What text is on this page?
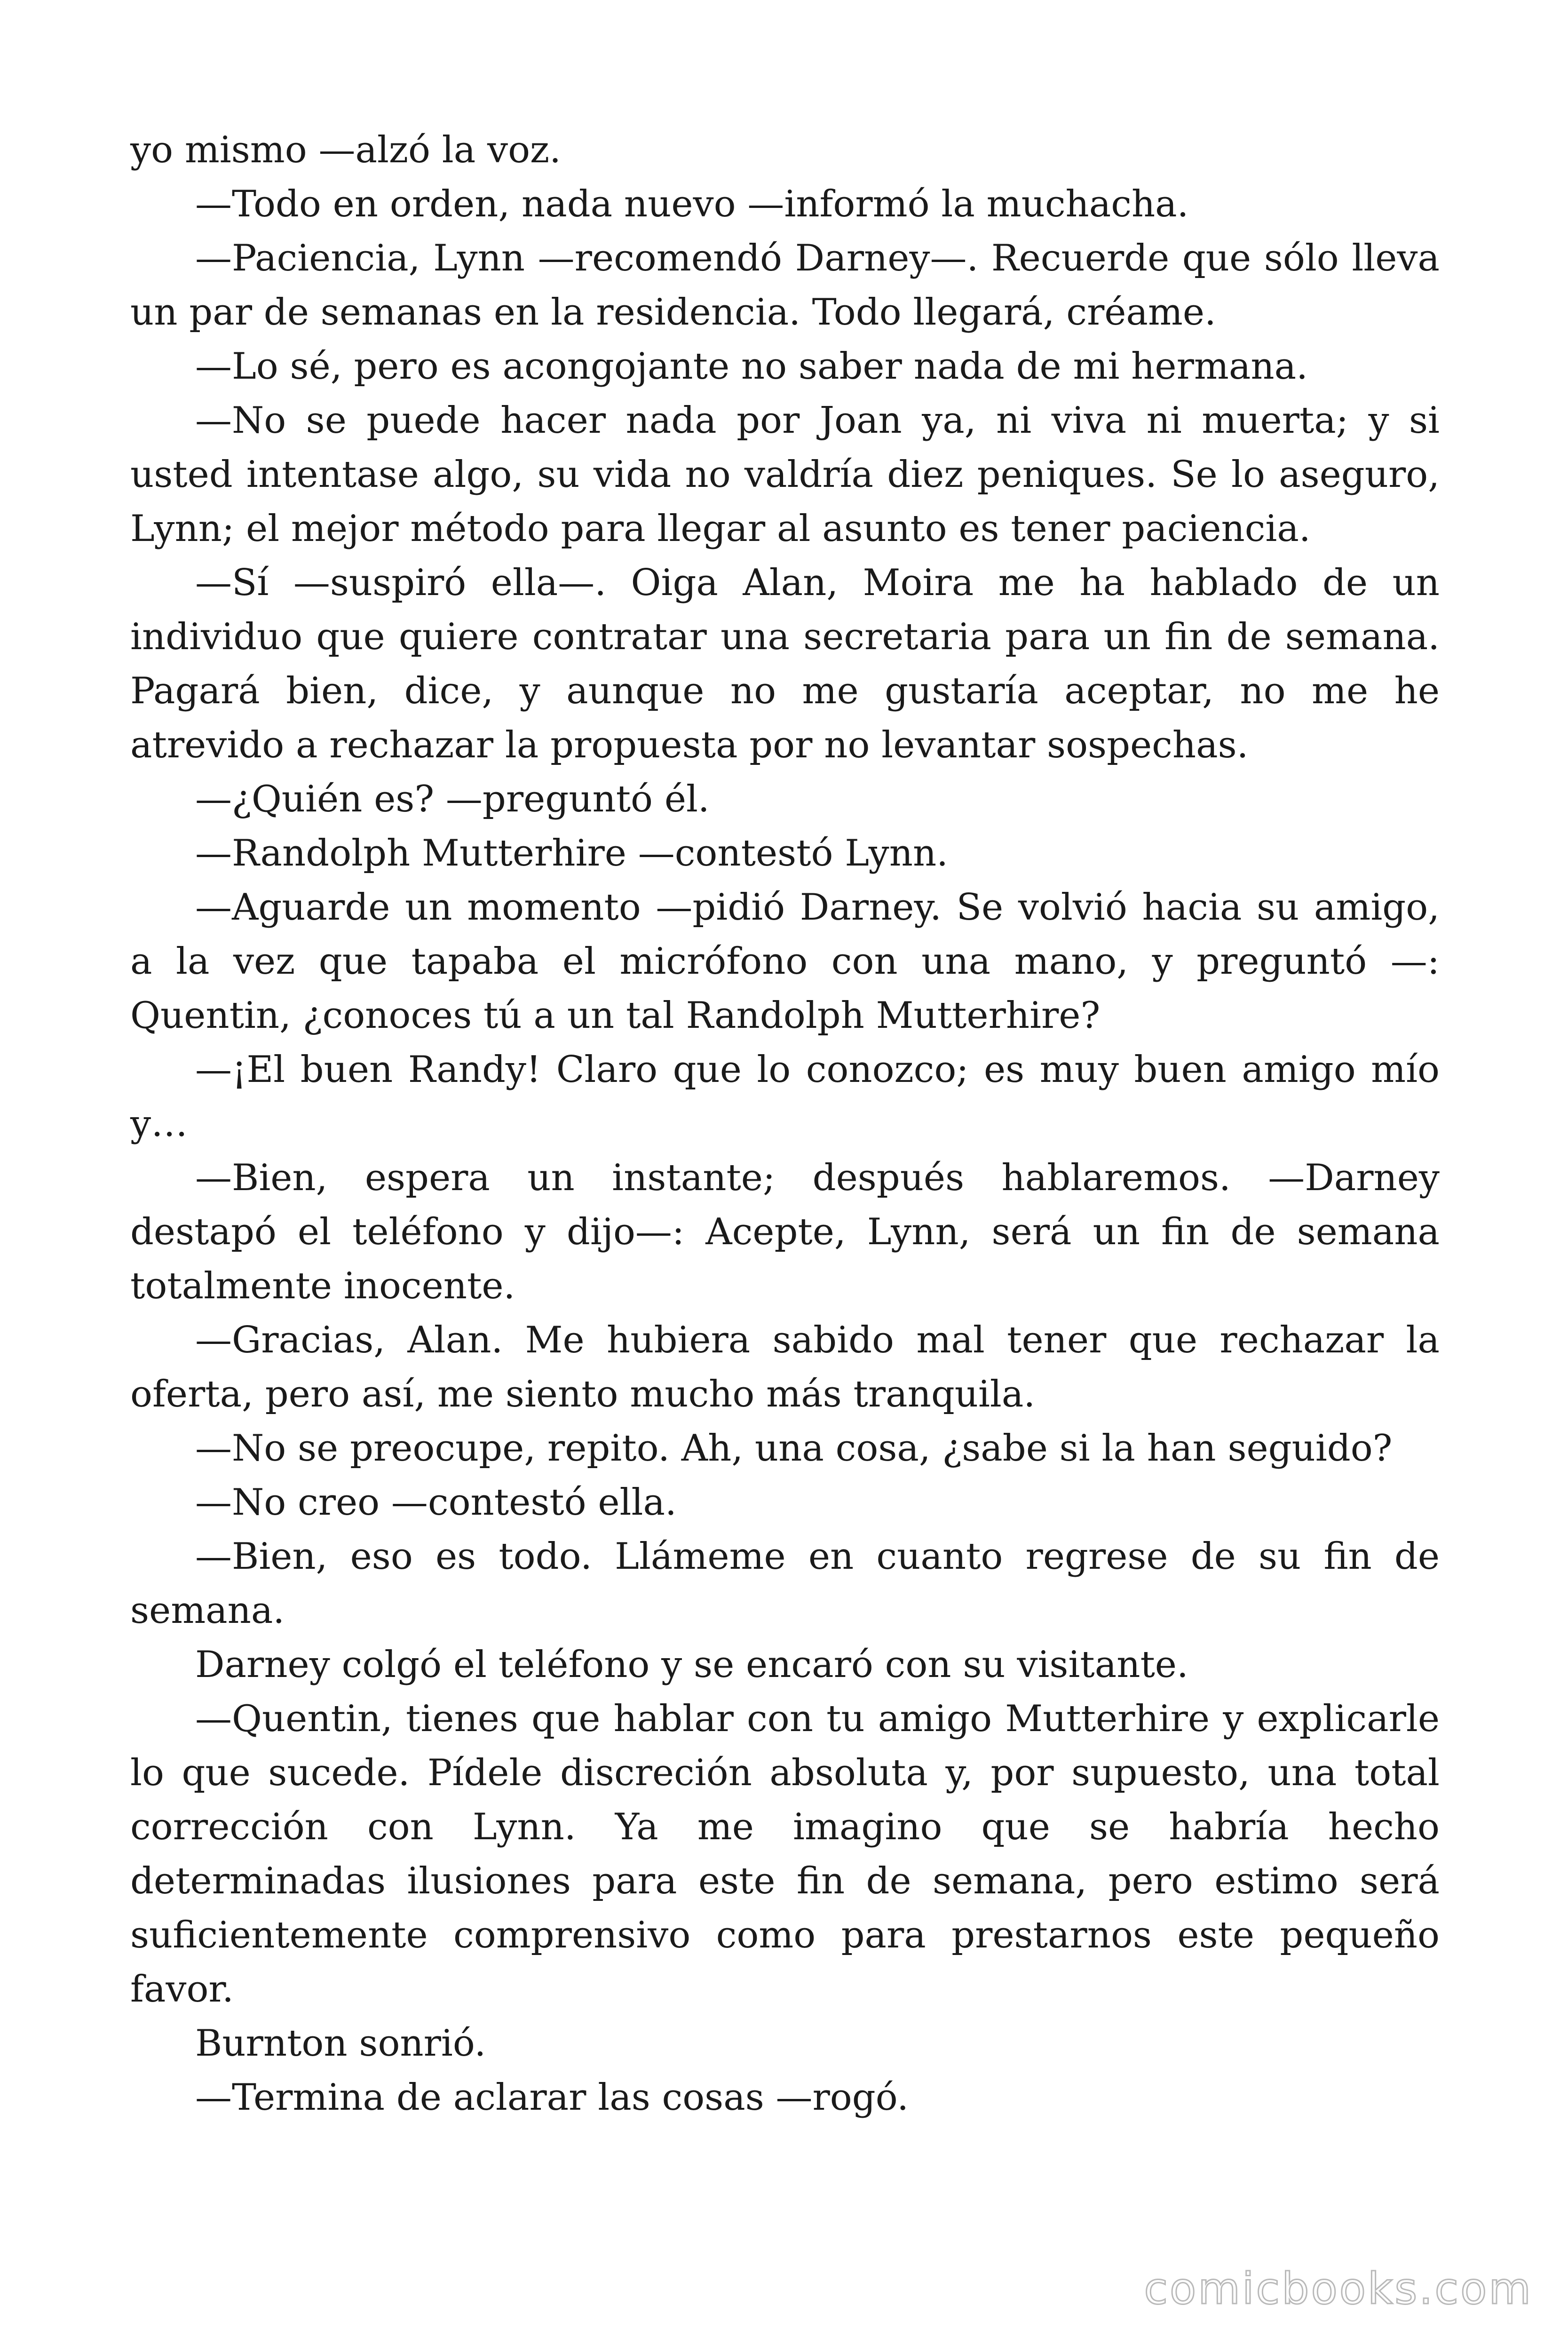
yo mismo —alzó la voz.

—Todo en orden, nada nuevo —informó la muchacha.

—Paciencia, Lynn —recomendó Darney—. Recuerde que sólo lleva un par de semanas en la residencia. Todo llegará, créame.

—Lo sé, pero es acongojante no saber nada de mi hermana.

—No se puede hacer nada por Joan ya, ni viva ni muerta; y si usted intentase algo, su vida no valdría diez peniques. Se lo aseguro, Lynn; el mejor método para llegar al asunto es tener paciencia.

—Sí —suspiró ella—. Oiga Alan, Moira me ha hablado de un individuo que quiere contratar una secretaria para un fin de semana. Pagará bien, dice, y aunque no me gustaría aceptar, no me he atrevido a rechazar la propuesta por no levantar sospechas.

—¿Quién es? —preguntó él.

—Randolph Mutterhire —contestó Lynn.

—Aguarde un momento —pidió Darney. Se volvió hacia su amigo, a la vez que tapaba el micrófono con una mano, y preguntó —: Quentin, ¿conoces tú a un tal Randolph Mutterhire?

—¡El buen Randy! Claro que lo conozco; es muy buen amigo mío y…

—Bien, espera un instante; después hablaremos. —Darney destapó el teléfono y dijo—: Acepte, Lynn, será un fin de semana totalmente inocente.

—Gracias, Alan. Me hubiera sabido mal tener que rechazar la oferta, pero así, me siento mucho más tranquila.

—No se preocupe, repito. Ah, una cosa, ¿sabe si la han seguido?

—No creo —contestó ella.

—Bien, eso es todo. Llámeme en cuanto regrese de su fin de semana.

Darney colgó el teléfono y se encaró con su visitante.

—Quentin, tienes que hablar con tu amigo Mutterhire y explicarle lo que sucede. Pídele discreción absoluta y, por supuesto, una total corrección con Lynn. Ya me imagino que se habría hecho determinadas ilusiones para este fin de semana, pero estimo será suficientemente comprensivo como para prestarnos este pequeño favor.

Burnton sonrió.

—Termina de aclarar las cosas —rogó.

comicbooks.com
